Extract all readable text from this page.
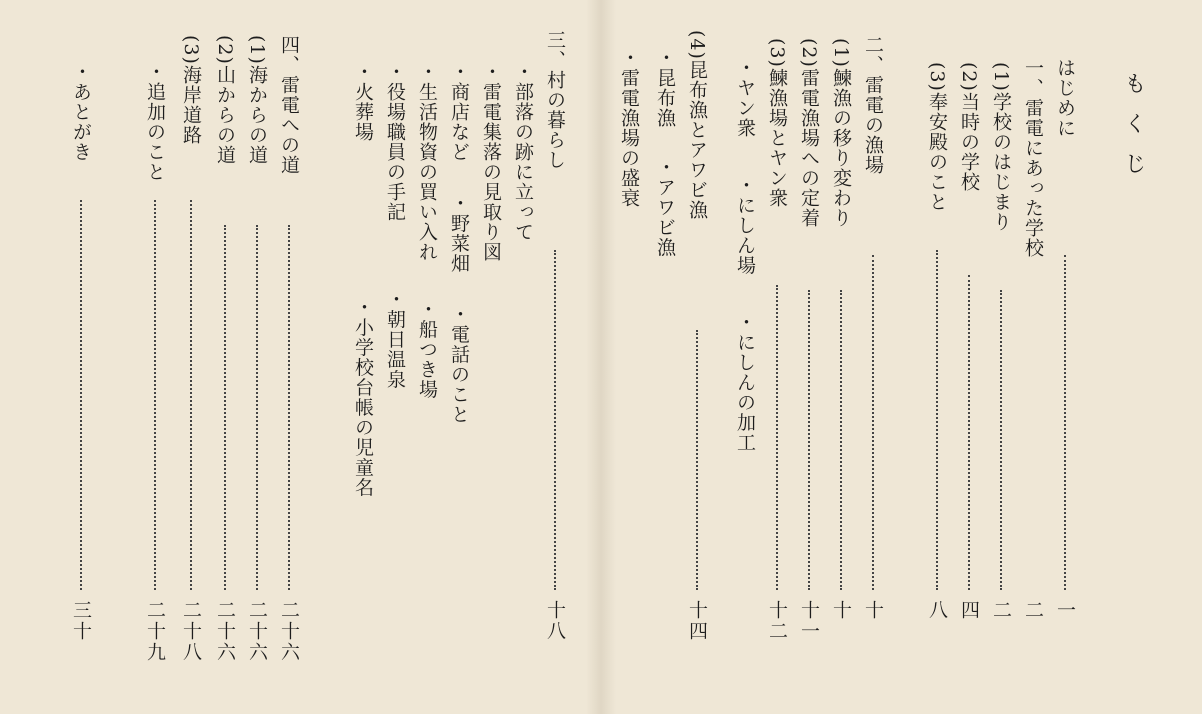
もくじ
はじめに
一
一、雷電にあった学校
二
(1)学校のはじまり
二
(2)当時の学校
四
(3)奉安殿のこと
八
二、雷電の漁場
十
(1)鰊漁の移り変わり
十
(2)雷電漁場への定着
十一
(3)鰊漁場とヤン衆
十二
・ヤン衆 ・にしん場 ・にしんの加工
(4)昆布漁とアワビ漁
十四
・昆布漁 ・アワビ漁
・雷電漁場の盛衰
三、村の暮らし
十八
・部落の跡に立って
・雷電集落の見取り図
・商店など ・野菜畑 ・電話のこと
・生活物資の買い入れ ・船つき場
・役場職員の手記 ・朝日温泉
・火葬場 ・小学校台帳の児童名
四、雷電への道
二十六
(1)海からの道
二十六
(2)山からの道
二十六
(3)海岸道路
二十八
・追加のこと
二十九
・あとがき
三十
